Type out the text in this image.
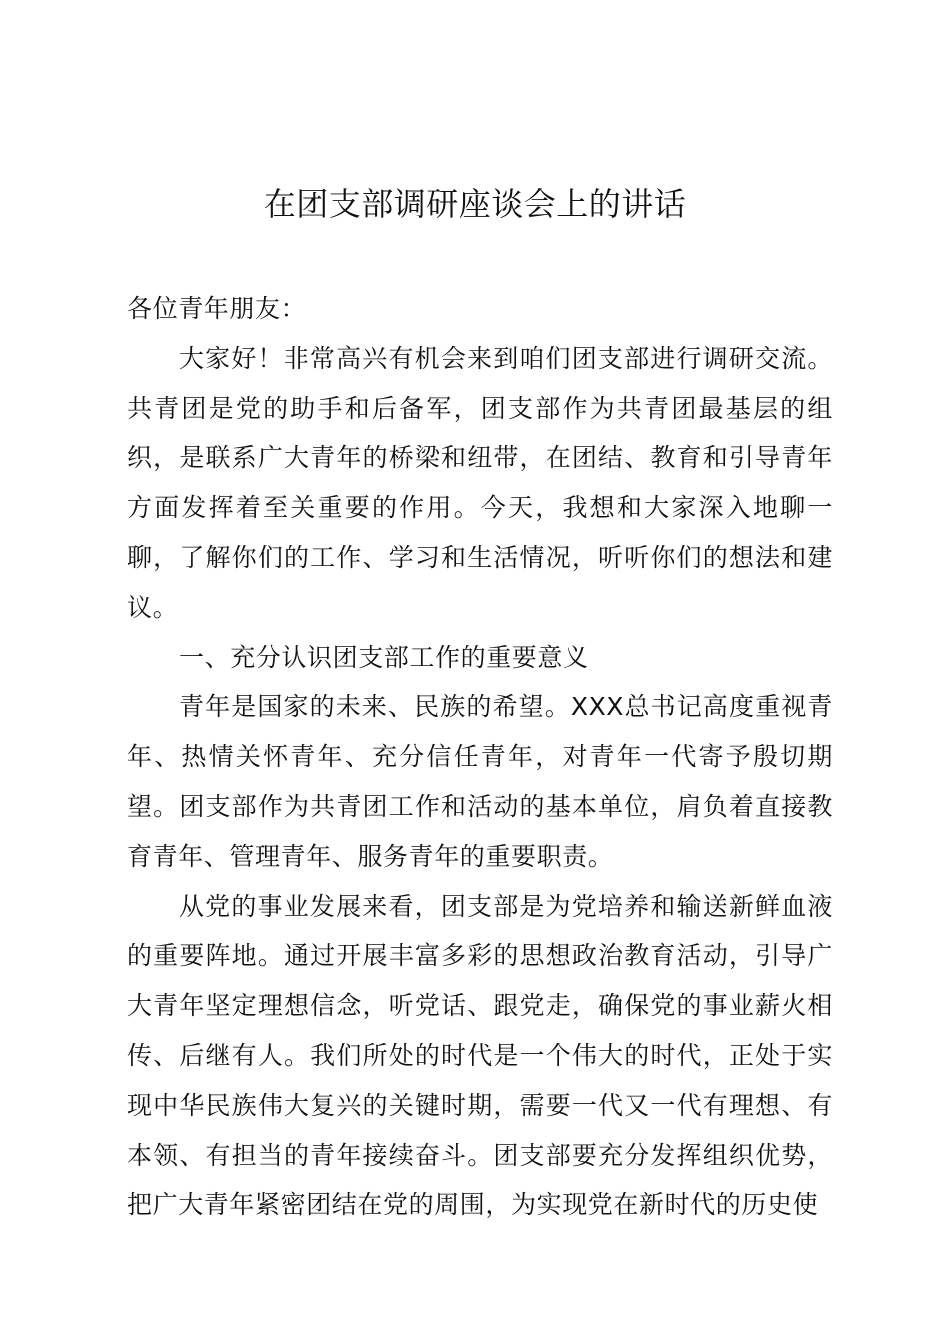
在团支部调研座谈会上的讲话

各位青年朋友：

大家好！非常高兴有机会来到咱们团支部进行调研交流。共青团是党的助手和后备军，团支部作为共青团最基层的组织，是联系广大青年的桥梁和纽带，在团结、教育和引导青年方面发挥着至关重要的作用。今天，我想和大家深入地聊一聊，了解你们的工作、学习和生活情况，听听你们的想法和建议。

一、充分认识团支部工作的重要意义

青年是国家的未来、民族的希望。XXX总书记高度重视青年、热情关怀青年、充分信任青年，对青年一代寄予殷切期望。团支部作为共青团工作和活动的基本单位，肩负着直接教育青年、管理青年、服务青年的重要职责。

从党的事业发展来看，团支部是为党培养和输送新鲜血液的重要阵地。通过开展丰富多彩的思想政治教育活动，引导广大青年坚定理想信念，听党话、跟党走，确保党的事业薪火相传、后继有人。我们所处的时代是一个伟大的时代，正处于实现中华民族伟大复兴的关键时期，需要一代又一代有理想、有本领、有担当的青年接续奋斗。团支部要充分发挥组织优势，把广大青年紧密团结在党的周围，为实现党在新时代的历史使
